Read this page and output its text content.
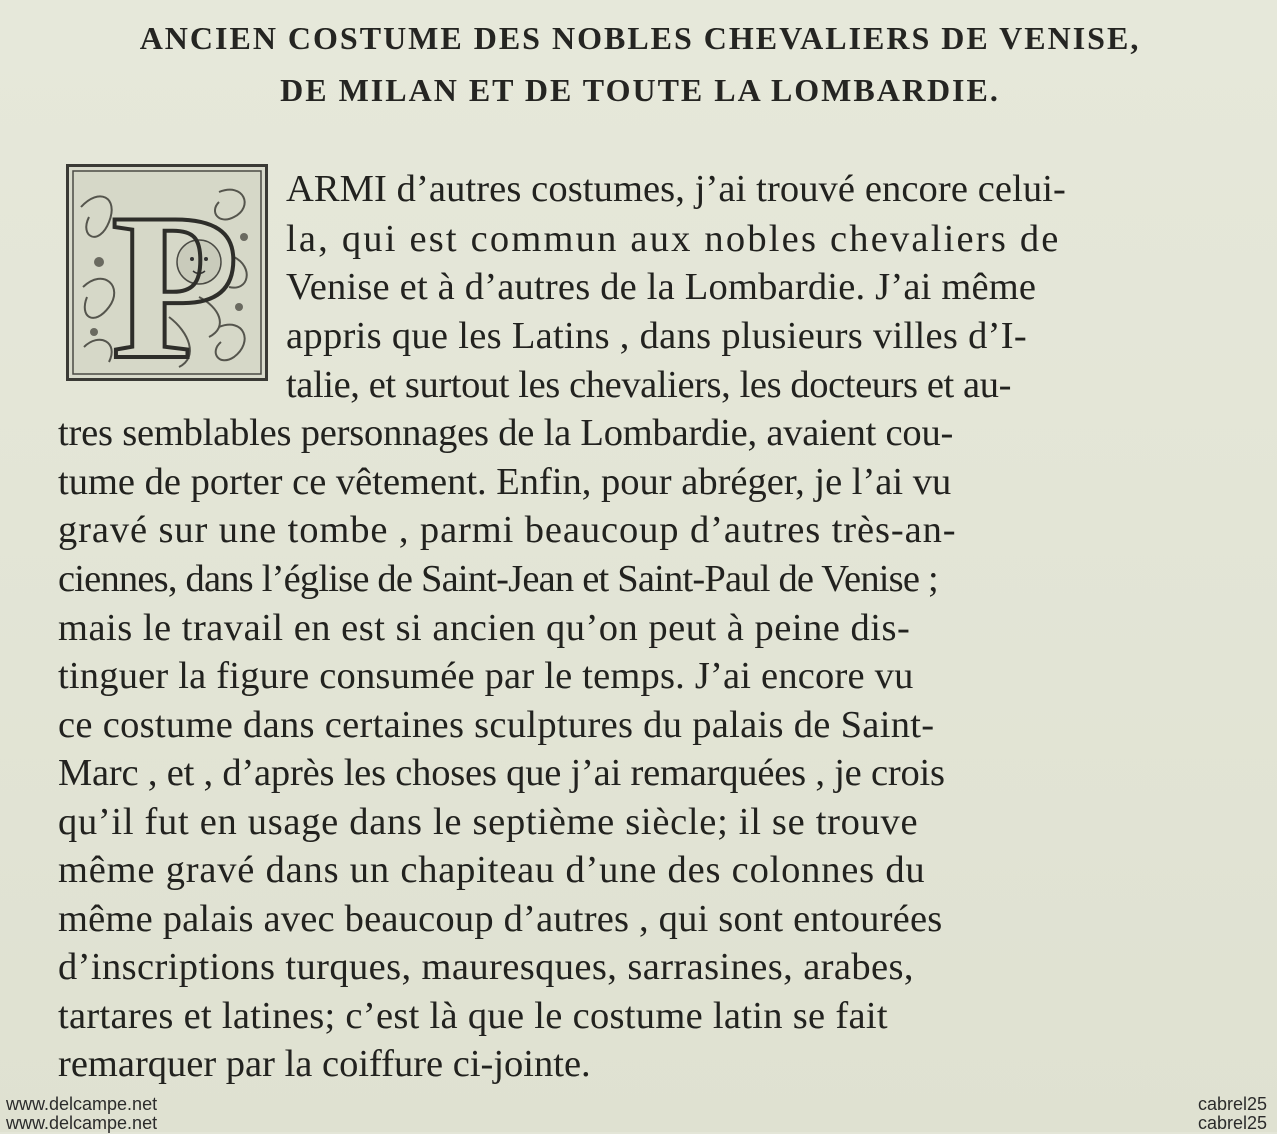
ANCIEN COSTUME DES NOBLES CHEVALIERS DE VENISE,
DE MILAN ET DE TOUTE LA LOMBARDIE.
P ARMI d’autres costumes, j’ai trouvé encore celui-
la, qui est commun aux nobles chevaliers de
Venise et à d’autres de la Lombardie. J’ai même
appris que les Latins , dans plusieurs villes d’I-
talie, et surtout les chevaliers, les docteurs et au-
tres semblables personnages de la Lombardie, avaient cou-
tume de porter ce vêtement. Enfin, pour abréger, je l’ai vu
gravé sur une tombe , parmi beaucoup d’autres très-an-
ciennes, dans l’église de Saint-Jean et Saint-Paul de Venise ;
mais le travail en est si ancien qu’on peut à peine dis-
tinguer la figure consumée par le temps. J’ai encore vu
ce costume dans certaines sculptures du palais de Saint-
Marc , et , d’après les choses que j’ai remarquées , je crois
qu’il fut en usage dans le septième siècle; il se trouve
même gravé dans un chapiteau d’une des colonnes du
même palais avec beaucoup d’autres , qui sont entourées
d’inscriptions turques, mauresques, sarrasines, arabes,
tartares et latines; c’est là que le costume latin se fait
remarquer par la coiffure ci-jointe.
www.delcampe.net
www.delcampe.net
cabrel25
cabrel25
